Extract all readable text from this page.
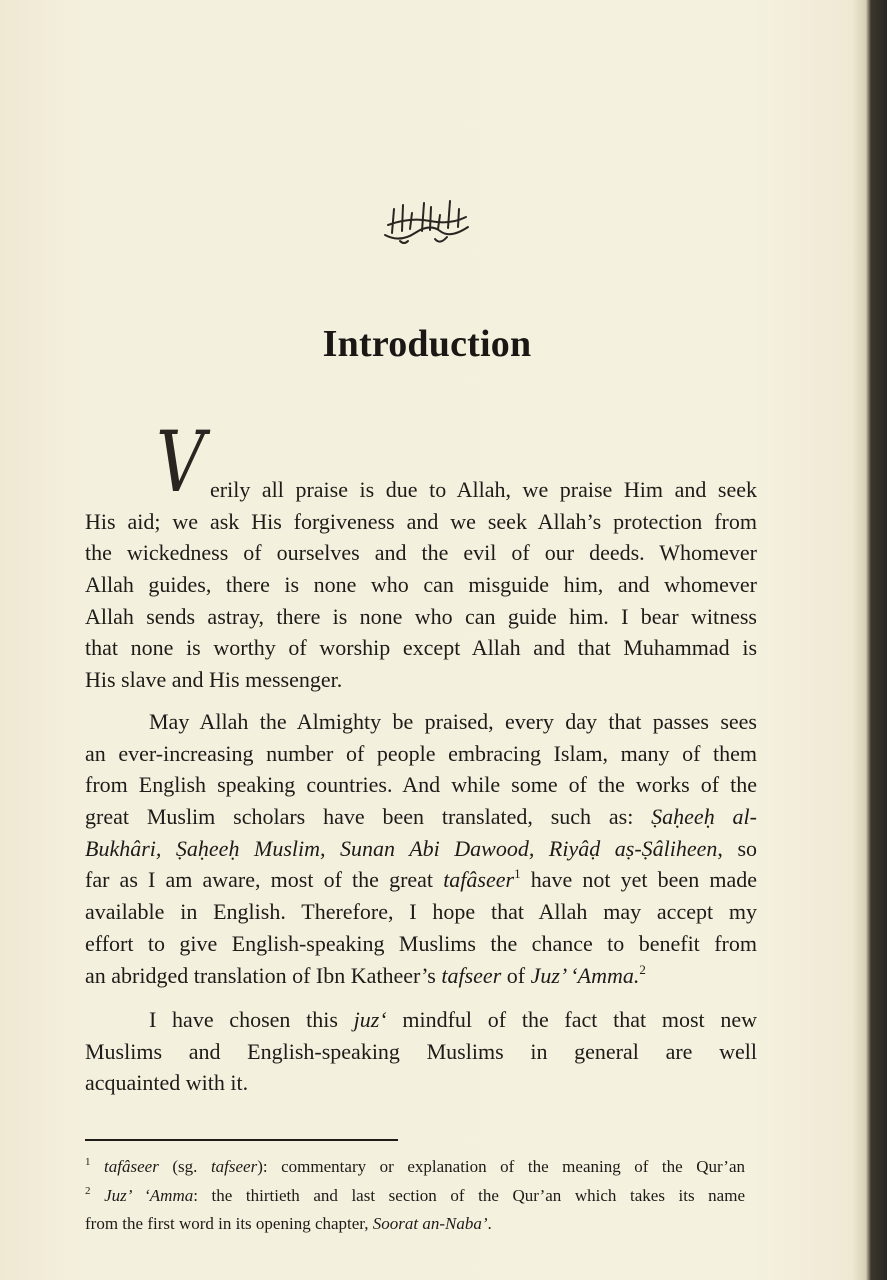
Introduction
V erily all praise is due to Allah, we praise Him and seek
His aid; we ask His forgiveness and we seek Allah’s protection from
the wickedness of ourselves and the evil of our deeds. Whomever
Allah guides, there is none who can misguide him, and whomever
Allah sends astray, there is none who can guide him. I bear witness
that none is worthy of worship except Allah and that Muhammad is
His slave and His messenger.
May Allah the Almighty be praised, every day that passes sees
an ever-increasing number of people embracing Islam, many of them
from English speaking countries. And while some of the works of the
great Muslim scholars have been translated, such as: Ṣaḥeeḥ al-
Bukhâri, Ṣaḥeeḥ Muslim, Sunan Abi Dawood, Riyâḍ aṣ-Ṣâliheen, so
far as I am aware, most of the great tafâseer$^1$ have not yet been made
available in English. Therefore, I hope that Allah may accept my
effort to give English-speaking Muslims the chance to benefit from
an abridged translation of Ibn Katheer’s tafseer of Juz’ ‘Amma.$^2$
I have chosen this juz‘ mindful of the fact that most new
Muslims and English-speaking Muslims in general are well
acquainted with it.
$^1$ tafâseer (sg. tafseer): commentary or explanation of the meaning of the Qur’an
$^2$ Juz’ ‘Amma: the thirtieth and last section of the Qur’an which takes its name
from the first word in its opening chapter, Soorat an-Naba’.
